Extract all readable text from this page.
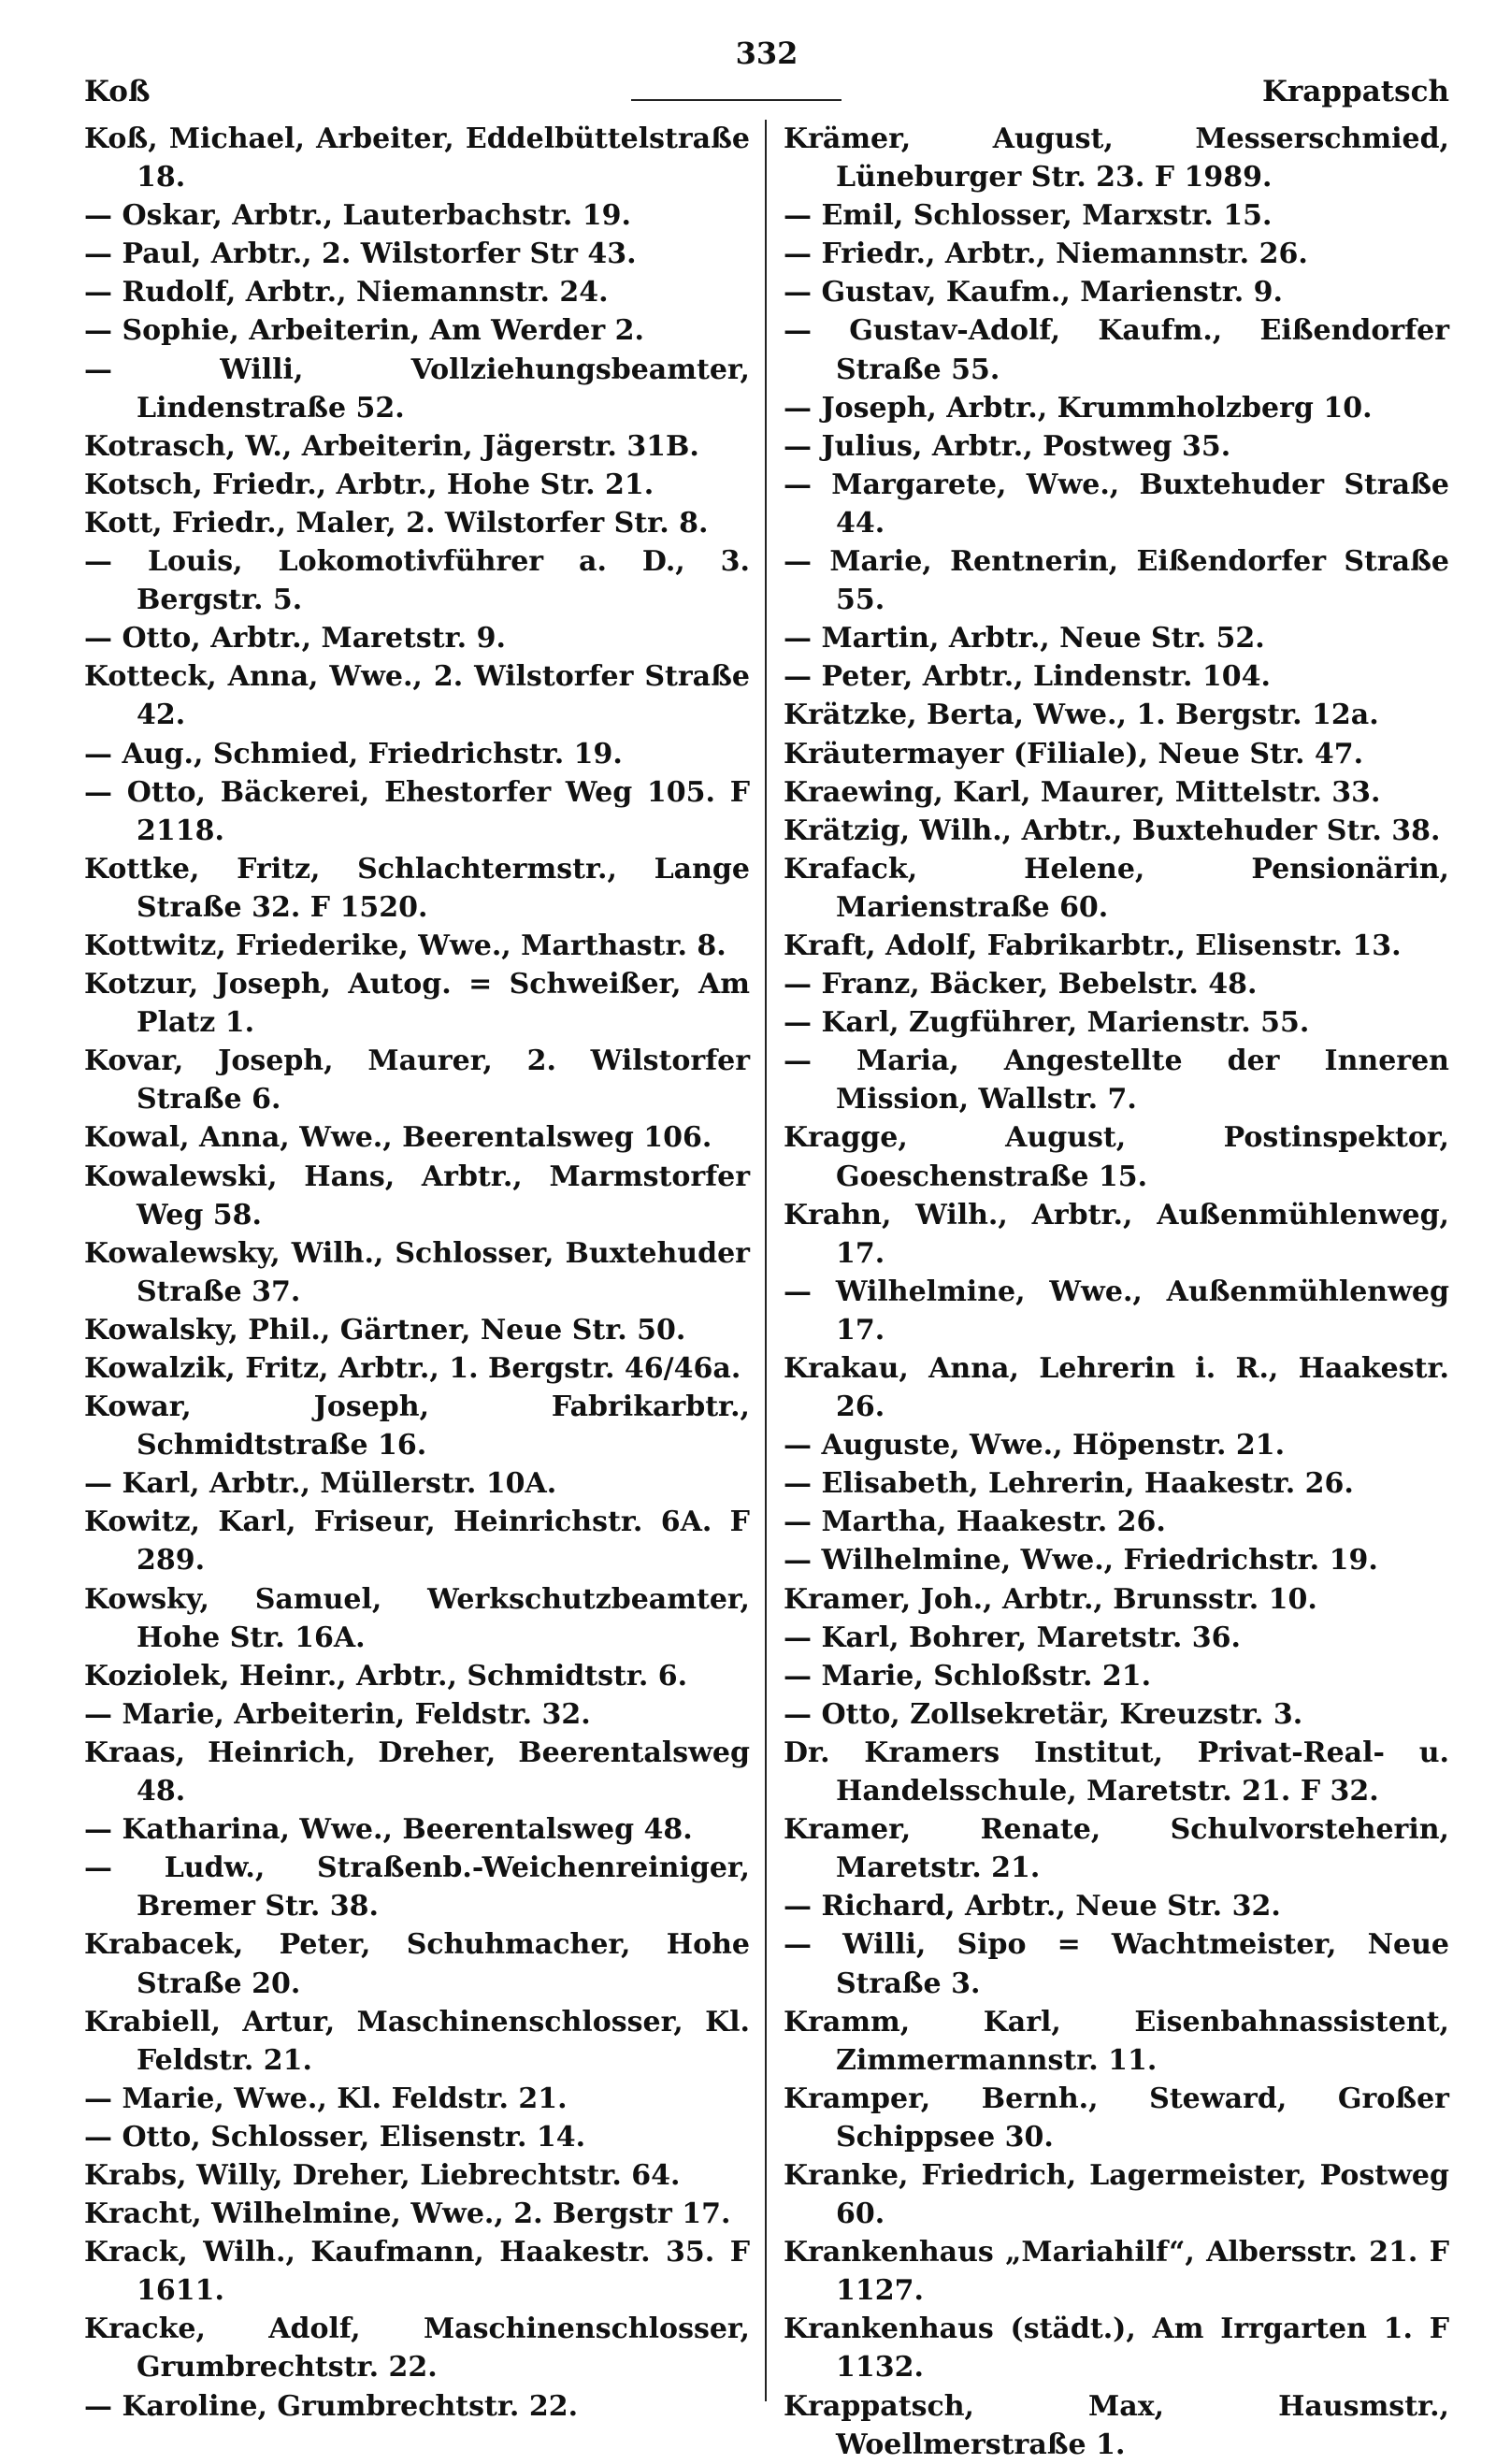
Koß
332
Krappatsch

Koß, Michael, Arbeiter, Eddelbüttelstraße 18.

— Oskar, Arbtr., Lauterbachstr. 19.

— Paul, Arbtr., 2. Wilstorfer Str 43.

— Rudolf, Arbtr., Niemannstr. 24.

— Sophie, Arbeiterin, Am Werder 2.

— Willi, Vollziehungsbeamter, Lindenstraße 52.

Kotrasch, W., Arbeiterin, Jägerstr. 31B.

Kotsch, Friedr., Arbtr., Hohe Str. 21.

Kott, Friedr., Maler, 2. Wilstorfer Str. 8.

— Louis, Lokomotivführer a. D., 3. Bergstr. 5.

— Otto, Arbtr., Maretstr. 9.

Kotteck, Anna, Wwe., 2. Wilstorfer Straße 42.

— Aug., Schmied, Friedrichstr. 19.

— Otto, Bäckerei, Ehestorfer Weg 105. F 2118.

Kottke, Fritz, Schlachtermstr., Lange Straße 32. F 1520.

Kottwitz, Friederike, Wwe., Marthastr. 8.

Kotzur, Joseph, Autog. = Schweißer, Am Platz 1.

Kovar, Joseph, Maurer, 2. Wilstorfer Straße 6.

Kowal, Anna, Wwe., Beerentalsweg 106.

Kowalewski, Hans, Arbtr., Marmstorfer Weg 58.

Kowalewsky, Wilh., Schlosser, Buxtehuder Straße 37.

Kowalsky, Phil., Gärtner, Neue Str. 50.

Kowalzik, Fritz, Arbtr., 1. Bergstr. 46/46a.

Kowar, Joseph, Fabrikarbtr., Schmidtstraße 16.

— Karl, Arbtr., Müllerstr. 10A.

Kowitz, Karl, Friseur, Heinrichstr. 6A. F 289.

Kowsky, Samuel, Werkschutzbeamter, Hohe Str. 16A.

Koziolek, Heinr., Arbtr., Schmidtstr. 6.

— Marie, Arbeiterin, Feldstr. 32.

Kraas, Heinrich, Dreher, Beerentalsweg 48.

— Katharina, Wwe., Beerentalsweg 48.

— Ludw., Straßenb.-Weichenreiniger, Bremer Str. 38.

Krabacek, Peter, Schuhmacher, Hohe Straße 20.

Krabiell, Artur, Maschinenschlosser, Kl. Feldstr. 21.

— Marie, Wwe., Kl. Feldstr. 21.

— Otto, Schlosser, Elisenstr. 14.

Krabs, Willy, Dreher, Liebrechtstr. 64.

Kracht, Wilhelmine, Wwe., 2. Bergstr 17.

Krack, Wilh., Kaufmann, Haakestr. 35. F 1611.

Kracke, Adolf, Maschinenschlosser, Grumbrechtstr. 22.

— Karoline, Grumbrechtstr. 22.

Krämer, August, Messerschmied, Lüneburger Str. 23. F 1989.

— Emil, Schlosser, Marxstr. 15.

— Friedr., Arbtr., Niemannstr. 26.

— Gustav, Kaufm., Marienstr. 9.

— Gustav-Adolf, Kaufm., Eißendorfer Straße 55.

— Joseph, Arbtr., Krummholzberg 10.

— Julius, Arbtr., Postweg 35.

— Margarete, Wwe., Buxtehuder Straße 44.

— Marie, Rentnerin, Eißendorfer Straße 55.

— Martin, Arbtr., Neue Str. 52.

— Peter, Arbtr., Lindenstr. 104.

Krätzke, Berta, Wwe., 1. Bergstr. 12a.

Kräutermayer (Filiale), Neue Str. 47.

Kraewing, Karl, Maurer, Mittelstr. 33.

Krätzig, Wilh., Arbtr., Buxtehuder Str. 38.

Krafack, Helene, Pensionärin, Marienstraße 60.

Kraft, Adolf, Fabrikarbtr., Elisenstr. 13.

— Franz, Bäcker, Bebelstr. 48.

— Karl, Zugführer, Marienstr. 55.

— Maria, Angestellte der Inneren Mission, Wallstr. 7.

Kragge, August, Postinspektor, Goeschenstraße 15.

Krahn, Wilh., Arbtr., Außenmühlenweg, 17.

— Wilhelmine, Wwe., Außenmühlenweg 17.

Krakau, Anna, Lehrerin i. R., Haakestr. 26.

— Auguste, Wwe., Höpenstr. 21.

— Elisabeth, Lehrerin, Haakestr. 26.

— Martha, Haakestr. 26.

— Wilhelmine, Wwe., Friedrichstr. 19.

Kramer, Joh., Arbtr., Brunsstr. 10.

— Karl, Bohrer, Maretstr. 36.

— Marie, Schloßstr. 21.

— Otto, Zollsekretär, Kreuzstr. 3.

Dr. Kramers Institut, Privat-Real- u. Handelsschule, Maretstr. 21. F 32.

Kramer, Renate, Schulvorsteherin, Maretstr. 21.

— Richard, Arbtr., Neue Str. 32.

— Willi, Sipo = Wachtmeister, Neue Straße 3.

Kramm, Karl, Eisenbahnassistent, Zimmermannstr. 11.

Kramper, Bernh., Steward, Großer Schippsee 30.

Kranke, Friedrich, Lagermeister, Postweg 60.

Krankenhaus „Mariahilf“, Albersstr. 21. F 1127.

Krankenhaus (städt.), Am Irrgarten 1. F 1132.

Krappatsch, Max, Hausmstr., Woellmerstraße 1.
